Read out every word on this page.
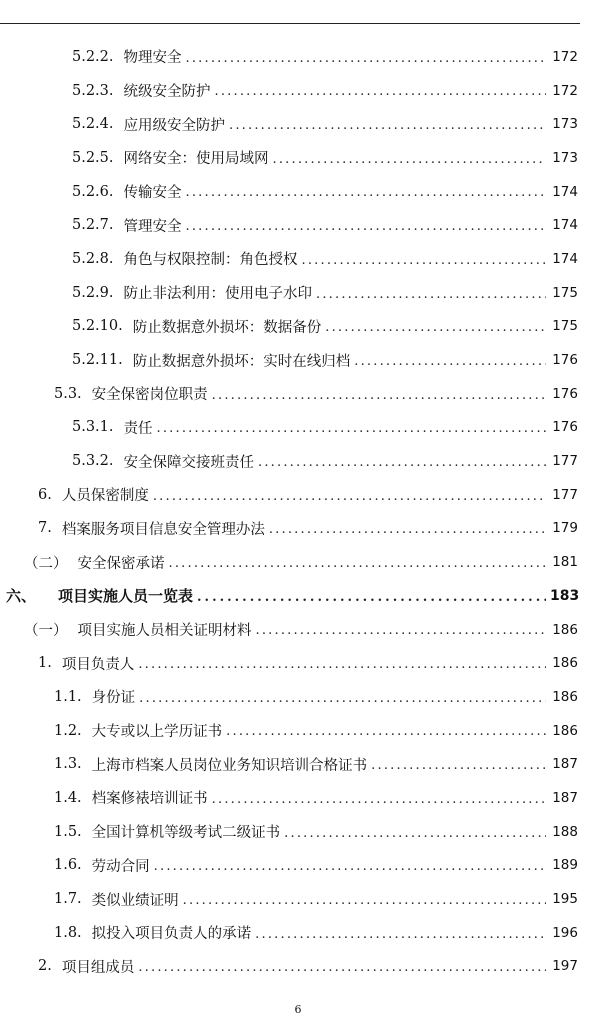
5.2.2. 物理安全 .....	172
5.2.3. 统级安全防护 .....	172
5.2.4. 应用级安全防护 .....	173
5.2.5. 网络安全：使用局域网 .....	173
5.2.6. 传输安全 .....	174
5.2.7. 管理安全 .....	174
5.2.8. 角色与权限控制：角色授权 .....	174
5.2.9. 防止非法利用：使用电子水印 .....	175
5.2.10. 防止数据意外损坏：数据备份 .....	175
5.2.11. 防止数据意外损坏：实时在线归档 .....	176
5.3. 安全保密岗位职责 .....	176
5.3.1. 责任 .....	176
5.3.2. 安全保障交接班责任 .....	177
6. 人员保密制度 .....	177
7. 档案服务项目信息安全管理办法 .....	179
（二） 安全保密承诺 .....	181
六、 项目实施人员一览表 .....	183
（一） 项目实施人员相关证明材料 .....	186
1. 项目负责人 .....	186
1.1. 身份证 .....	186
1.2. 大专或以上学历证书 .....	186
1.3. 上海市档案人员岗位业务知识培训合格证书 .....	187
1.4. 档案修裱培训证书 .....	187
1.5. 全国计算机等级考试二级证书 .....	188
1.6. 劳动合同 .....	189
1.7. 类似业绩证明 .....	195
1.8. 拟投入项目负责人的承诺 .....	196
2. 项目组成员 .....	197
6
